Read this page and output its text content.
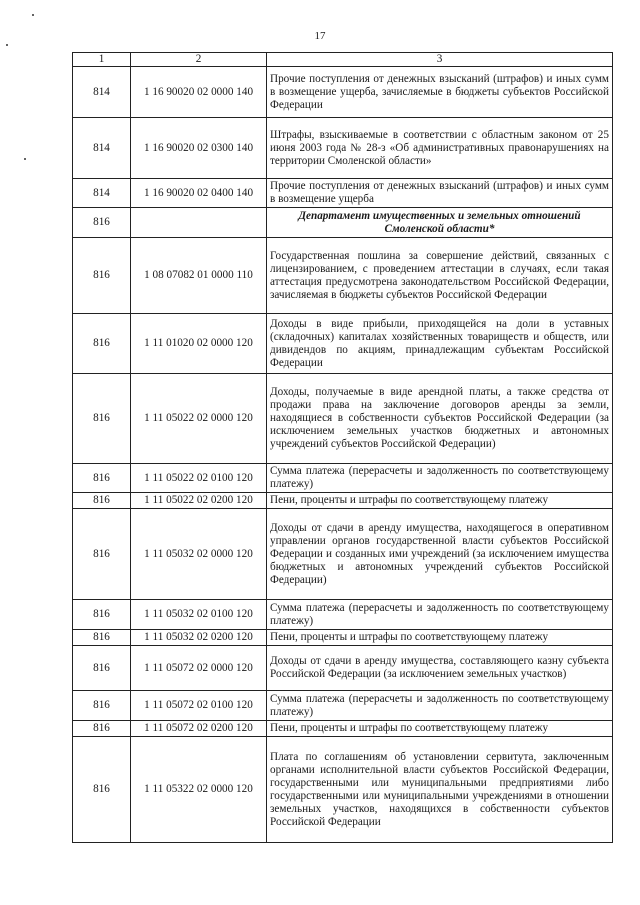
17
1	2	3
814	1 16 90020 02 0000 140	Прочие поступления от денежных взысканий (штрафов) и иных сумм в возмещение ущерба, зачисляемые в бюджеты субъектов Российской Федерации
814	1 16 90020 02 0300 140	Штрафы, взыскиваемые в соответствии с областным законом от 25 июня 2003 года № 28-з «Об административных правонарушениях на территории Смоленской области»
814	1 16 90020 02 0400 140	Прочие поступления от денежных взысканий (штрафов) и иных сумм в возмещение ущерба
816		Департамент имущественных и земельных отношений Смоленской области*
816	1 08 07082 01 0000 110	Государственная пошлина за совершение действий, связанных с лицензированием, с проведением аттестации в случаях, если такая аттестация предусмотрена законодательством Российской Федерации, зачисляемая в бюджеты субъектов Российской Федерации
816	1 11 01020 02 0000 120	Доходы в виде прибыли, приходящейся на доли в уставных (складочных) капиталах хозяйственных товариществ и обществ, или дивидендов по акциям, принадлежащим субъектам Российской Федерации
816	1 11 05022 02 0000 120	Доходы, получаемые в виде арендной платы, а также средства от продажи права на заключение договоров аренды за земли, находящиеся в собственности субъектов Российской Федерации (за исключением земельных участков бюджетных и автономных учреждений субъектов Российской Федерации)
816	1 11 05022 02 0100 120	Сумма платежа (перерасчеты и задолженность по соответствующему платежу)
816	1 11 05022 02 0200 120	Пени, проценты и штрафы по соответствующему платежу
816	1 11 05032 02 0000 120	Доходы от сдачи в аренду имущества, находящегося в оперативном управлении органов государственной власти субъектов Российской Федерации и созданных ими учреждений (за исключением имущества бюджетных и автономных учреждений субъектов Российской Федерации)
816	1 11 05032 02 0100 120	Сумма платежа (перерасчеты и задолженность по соответствующему платежу)
816	1 11 05032 02 0200 120	Пени, проценты и штрафы по соответствующему платежу
816	1 11 05072 02 0000 120	Доходы от сдачи в аренду имущества, составляющего казну субъекта Российской Федерации (за исключением земельных участков)
816	1 11 05072 02 0100 120	Сумма платежа (перерасчеты и задолженность по соответствующему платежу)
816	1 11 05072 02 0200 120	Пени, проценты и штрафы по соответствующему платежу
816	1 11 05322 02 0000 120	Плата по соглашениям об установлении сервитута, заключенным органами исполнительной власти субъектов Российской Федерации, государственными или муниципальными предприятиями либо государственными или муниципальными учреждениями в отношении земельных участков, находящихся в собственности субъектов Российской Федерации
